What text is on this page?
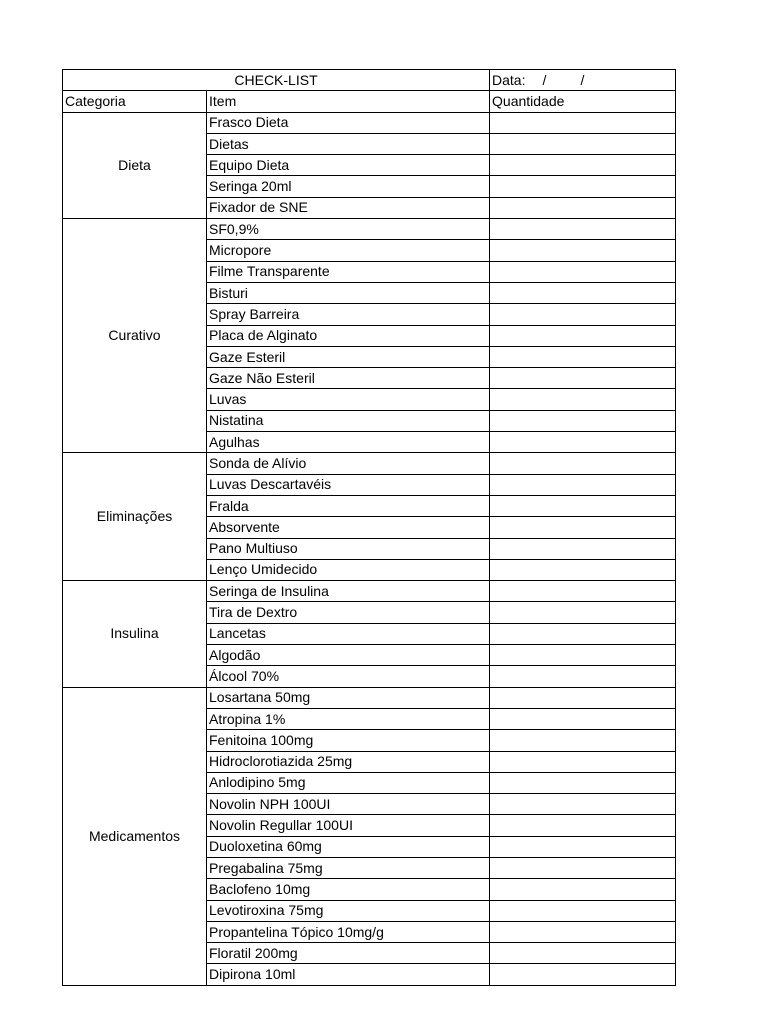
CHECK-LIST		Data: / /
Categoria	Item	Quantidade
Dieta	Frasco Dieta	
	Dietas	
	Equipo Dieta	
	Seringa 20ml	
	Fixador de SNE	
Curativo	SF0,9%	
	Micropore	
	Filme Transparente	
	Bisturi	
	Spray Barreira	
	Placa de Alginato	
	Gaze Esteril	
	Gaze Não Esteril	
	Luvas	
	Nistatina	
	Agulhas	
Eliminações	Sonda de Alívio	
	Luvas Descartavéis	
	Fralda	
	Absorvente	
	Pano Multiuso	
	Lenço Umidecido	
Insulina	Seringa de Insulina	
	Tira de Dextro	
	Lancetas	
	Algodão	
	Álcool 70%	
Medicamentos	Losartana 50mg	
	Atropina 1%	
	Fenitoina 100mg	
	Hidroclorotiazida 25mg	
	Anlodipino 5mg	
	Novolin NPH 100UI	
	Novolin Regullar 100UI	
	Duoloxetina 60mg	
	Pregabalina 75mg	
	Baclofeno 10mg	
	Levotiroxina 75mg	
	Propantelina Tópico 10mg/g	
	Floratil 200mg	
	Dipirona 10ml	
